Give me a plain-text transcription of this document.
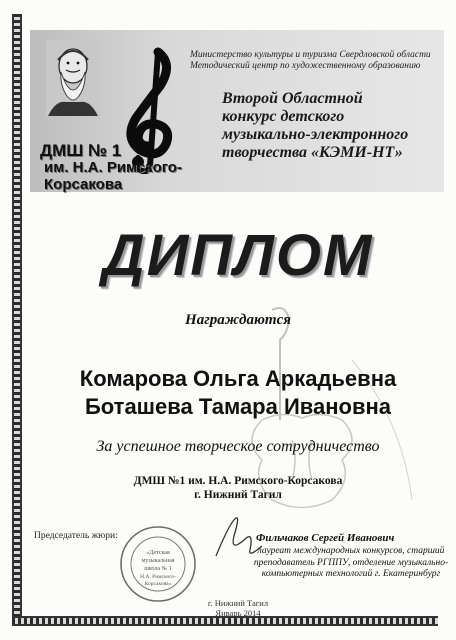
ДМШ № 1
им. Н.А. Римского-Корсакова
Министерство культуры и туризма Свердловской области
Методический центр по художественному образованию
Второй Областной
конкурс детского
музыкально-электронного
творчества «КЭМИ-НТ»
ДИПЛОМ
Награждаются
Комарова Ольга Аркадьевна
Боташева Тамара Ивановна
За успешное творческое сотрудничество
ДМШ №1 им. Н.А. Римского-Корсакова
г. Нижний Тагил
Председатель жюри:
«Детская
музыкальная
школа № 1
Н.А. Римского-
Корсакова»
Фильчаков Сергей Иванович
лауреат международных конкурсов, старший
преподаватель РГППУ, отделение музыкально-
компьютерных технологий г. Екатеринбург
г. Нижний Тагил
Январь 2014
